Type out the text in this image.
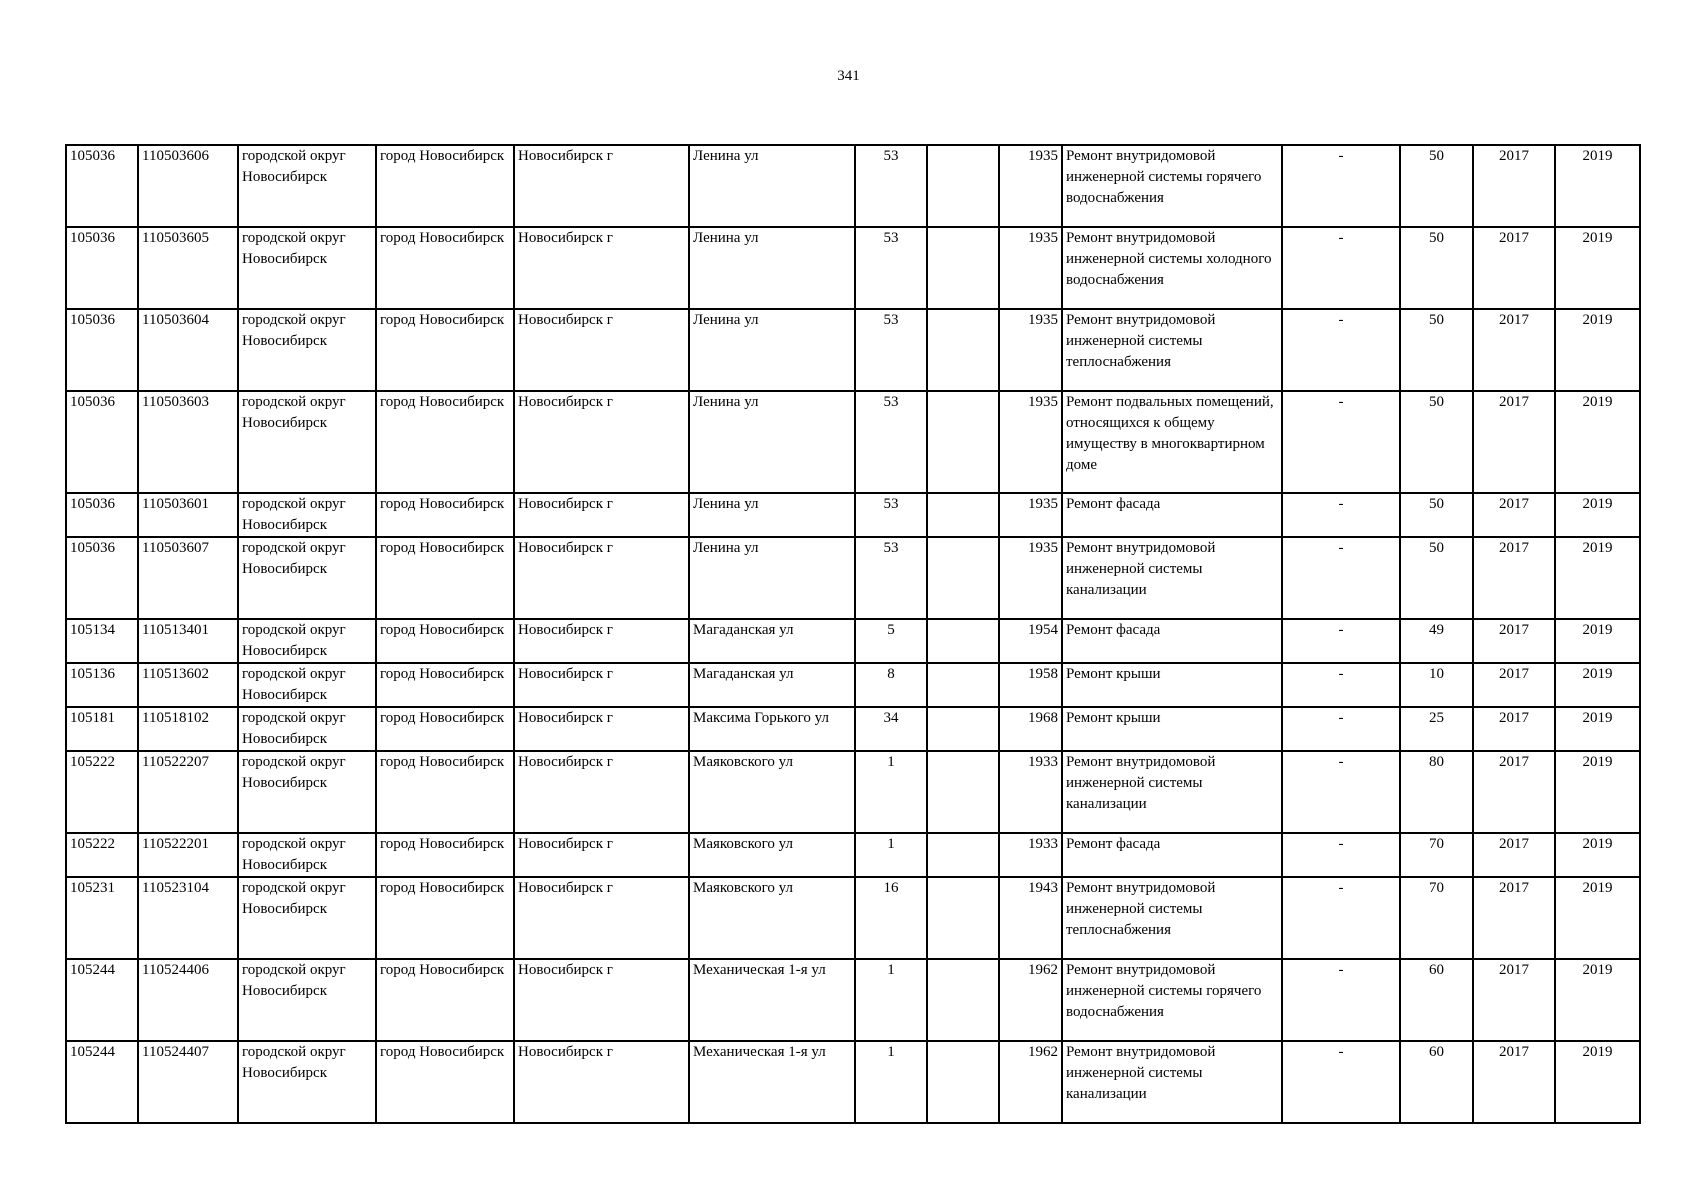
341
105036	110503606	городской округ Новосибирск	город Новосибирск	Новосибирск г	Ленина ул	53		1935	Ремонт внутридомовой инженерной системы горячего водоснабжения	-	50	2017	2019
105036	110503605	городской округ Новосибирск	город Новосибирск	Новосибирск г	Ленина ул	53		1935	Ремонт внутридомовой инженерной системы холодного водоснабжения	-	50	2017	2019
105036	110503604	городской округ Новосибирск	город Новосибирск	Новосибирск г	Ленина ул	53		1935	Ремонт внутридомовой инженерной системы теплоснабжения	-	50	2017	2019
105036	110503603	городской округ Новосибирск	город Новосибирск	Новосибирск г	Ленина ул	53		1935	Ремонт подвальных помещений, относящихся к общему имуществу в многоквартирном доме	-	50	2017	2019
105036	110503601	городской округ Новосибирск	город Новосибирск	Новосибирск г	Ленина ул	53		1935	Ремонт фасада	-	50	2017	2019
105036	110503607	городской округ Новосибирск	город Новосибирск	Новосибирск г	Ленина ул	53		1935	Ремонт внутридомовой инженерной системы канализации	-	50	2017	2019
105134	110513401	городской округ Новосибирск	город Новосибирск	Новосибирск г	Магаданская ул	5		1954	Ремонт фасада	-	49	2017	2019
105136	110513602	городской округ Новосибирск	город Новосибирск	Новосибирск г	Магаданская ул	8		1958	Ремонт крыши	-	10	2017	2019
105181	110518102	городской округ Новосибирск	город Новосибирск	Новосибирск г	Максима Горького ул	34		1968	Ремонт крыши	-	25	2017	2019
105222	110522207	городской округ Новосибирск	город Новосибирск	Новосибирск г	Маяковского ул	1		1933	Ремонт внутридомовой инженерной системы канализации	-	80	2017	2019
105222	110522201	городской округ Новосибирск	город Новосибирск	Новосибирск г	Маяковского ул	1		1933	Ремонт фасада	-	70	2017	2019
105231	110523104	городской округ Новосибирск	город Новосибирск	Новосибирск г	Маяковского ул	16		1943	Ремонт внутридомовой инженерной системы теплоснабжения	-	70	2017	2019
105244	110524406	городской округ Новосибирск	город Новосибирск	Новосибирск г	Механическая 1-я ул	1		1962	Ремонт внутридомовой инженерной системы горячего водоснабжения	-	60	2017	2019
105244	110524407	городской округ Новосибирск	город Новосибирск	Новосибирск г	Механическая 1-я ул	1		1962	Ремонт внутридомовой инженерной системы канализации	-	60	2017	2019
